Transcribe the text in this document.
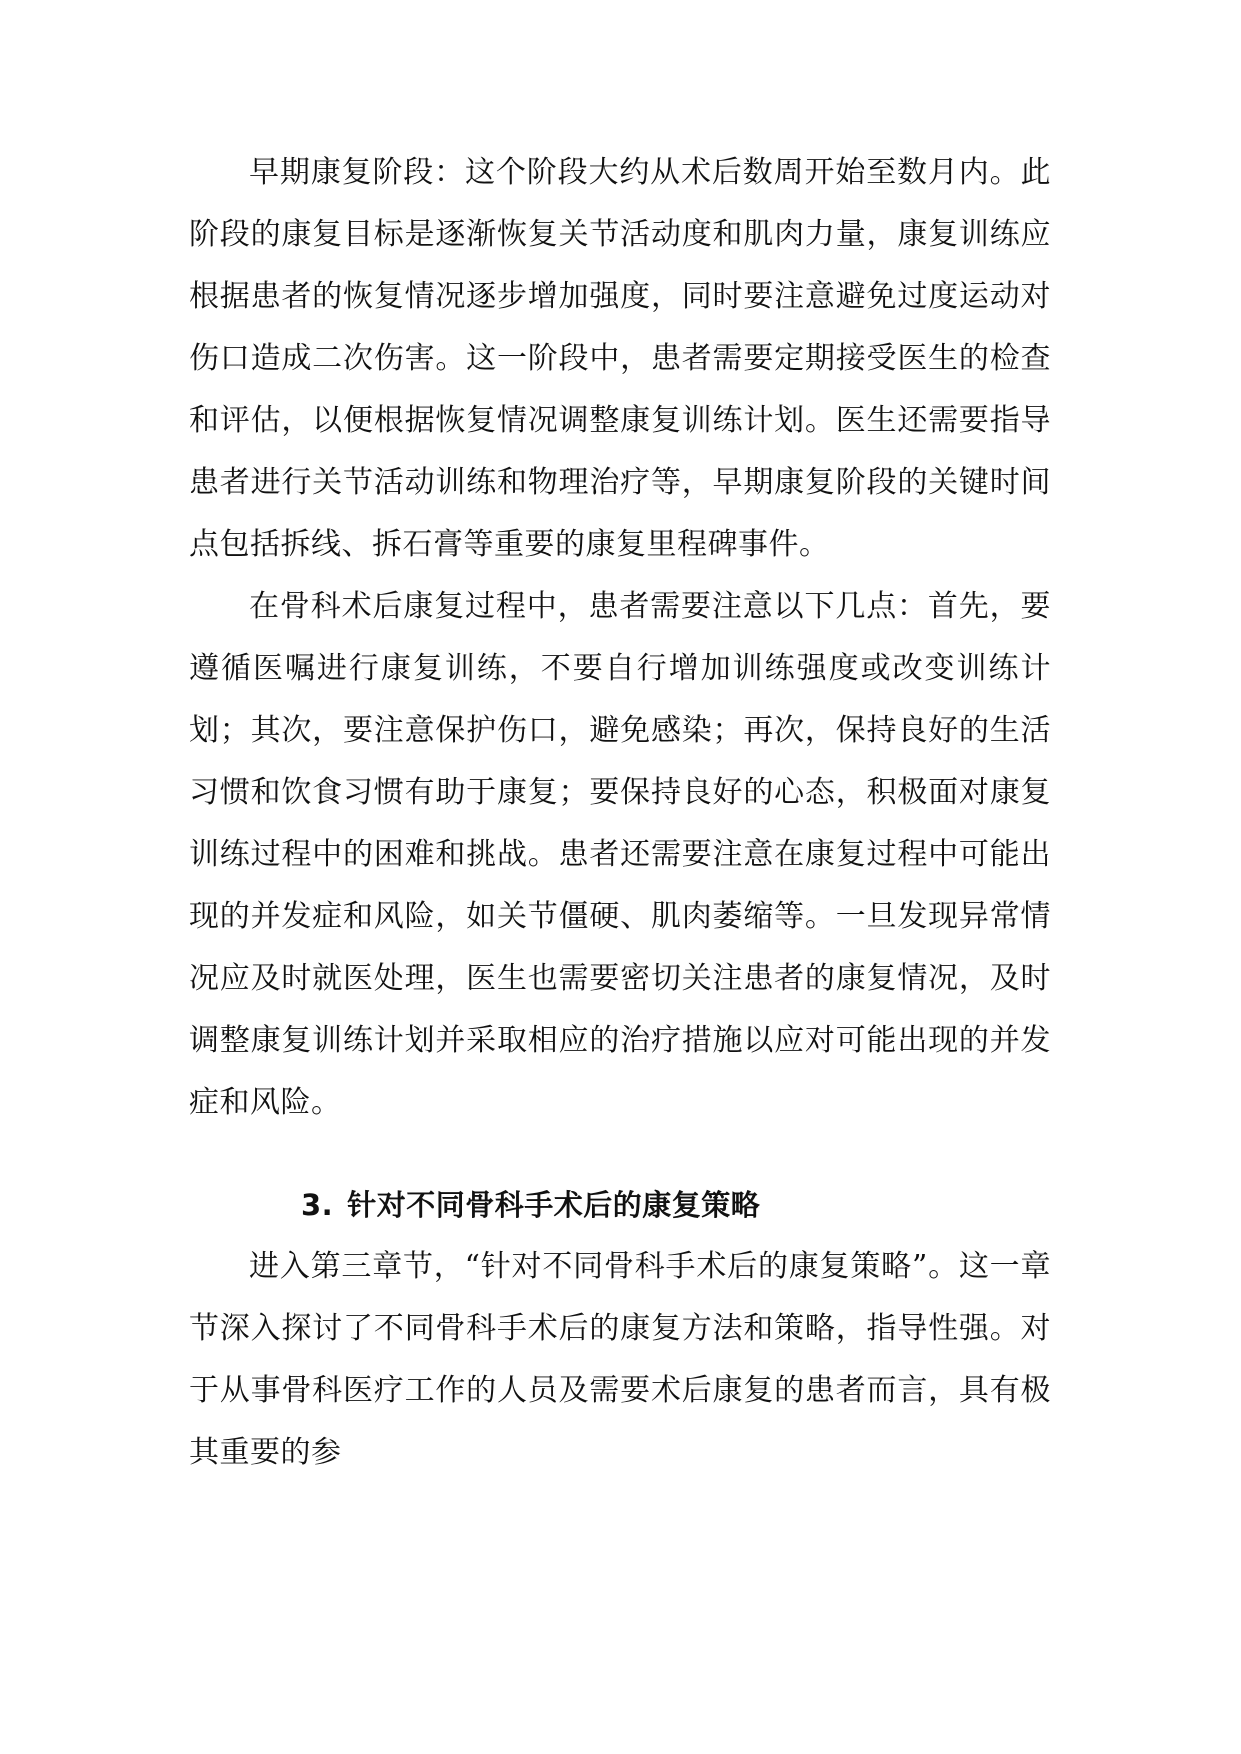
早期康复阶段：这个阶段大约从术后数周开始至数月内。此阶段的康复目标是逐渐恢复关节活动度和肌肉力量，康复训练应根据患者的恢复情况逐步增加强度，同时要注意避免过度运动对伤口造成二次伤害。这一阶段中，患者需要定期接受医生的检查和评估，以便根据恢复情况调整康复训练计划。医生还需要指导患者进行关节活动训练和物理治疗等，早期康复阶段的关键时间点包括拆线、拆石膏等重要的康复里程碑事件。

在骨科术后康复过程中，患者需要注意以下几点：首先，要遵循医嘱进行康复训练，不要自行增加训练强度或改变训练计划；其次，要注意保护伤口，避免感染；再次，保持良好的生活习惯和饮食习惯有助于康复；要保持良好的心态，积极面对康复训练过程中的困难和挑战。患者还需要注意在康复过程中可能出现的并发症和风险，如关节僵硬、肌肉萎缩等。一旦发现异常情况应及时就医处理，医生也需要密切关注患者的康复情况，及时调整康复训练计划并采取相应的治疗措施以应对可能出现的并发症和风险。

3. 针对不同骨科手术后的康复策略

进入第三章节，“针对不同骨科手术后的康复策略”。这一章节深入探讨了不同骨科手术后的康复方法和策略，指导性强。对于从事骨科医疗工作的人员及需要术后康复的患者而言，具有极其重要的参
